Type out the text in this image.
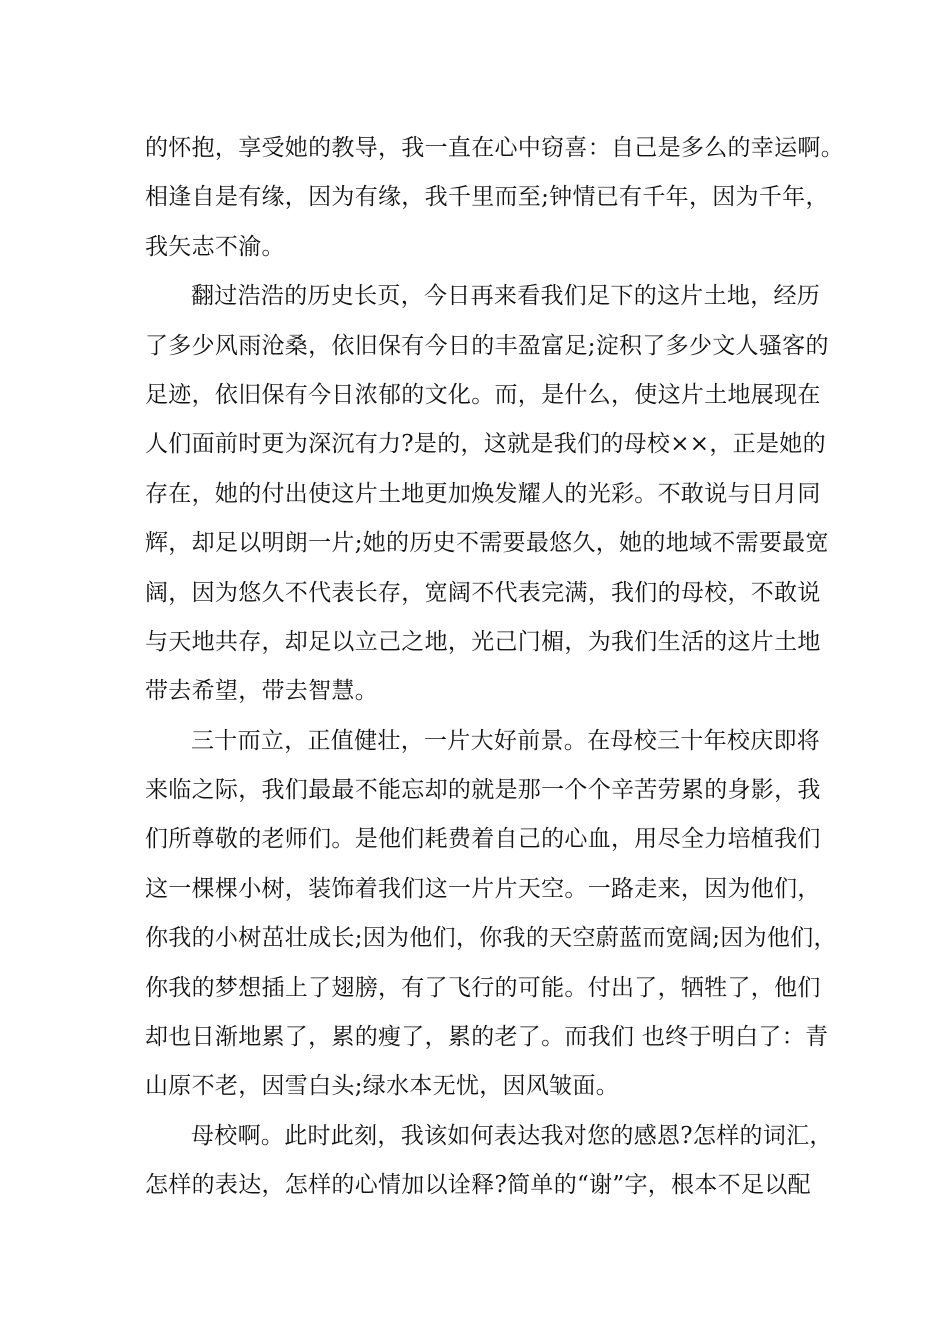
的怀抱，享受她的教导，我一直在心中窃喜：自己是多么的幸运啊。
相逢自是有缘，因为有缘，我千里而至;钟情已有千年，因为千年，
我矢志不渝。
翻过浩浩的历史长页，今日再来看我们足下的这片土地，经历
了多少风雨沧桑，依旧保有今日的丰盈富足;淀积了多少文人骚客的
足迹，依旧保有今日浓郁的文化。而，是什么，使这片土地展现在
人们面前时更为深沉有力?是的，这就是我们的母校××，正是她的
存在，她的付出使这片土地更加焕发耀人的光彩。不敢说与日月同
辉，却足以明朗一片;她的历史不需要最悠久，她的地域不需要最宽
阔，因为悠久不代表长存，宽阔不代表完满，我们的母校，不敢说
与天地共存，却足以立己之地，光己门楣，为我们生活的这片土地
带去希望，带去智慧。
三十而立，正值健壮，一片大好前景。在母校三十年校庆即将
来临之际，我们最最不能忘却的就是那一个个辛苦劳累的身影，我
们所尊敬的老师们。是他们耗费着自己的心血，用尽全力培植我们
这一棵棵小树，装饰着我们这一片片天空。一路走来，因为他们，
你我的小树茁壮成长;因为他们，你我的天空蔚蓝而宽阔;因为他们，
你我的梦想插上了翅膀，有了飞行的可能。付出了，牺牲了，他们
却也日渐地累了，累的瘦了，累的老了。而我们 也终于明白了：青
山原不老，因雪白头;绿水本无忧，因风皱面。
母校啊。此时此刻，我该如何表达我对您的感恩?怎样的词汇，
怎样的表达，怎样的心情加以诠释?简单的“谢”字，根本不足以配
